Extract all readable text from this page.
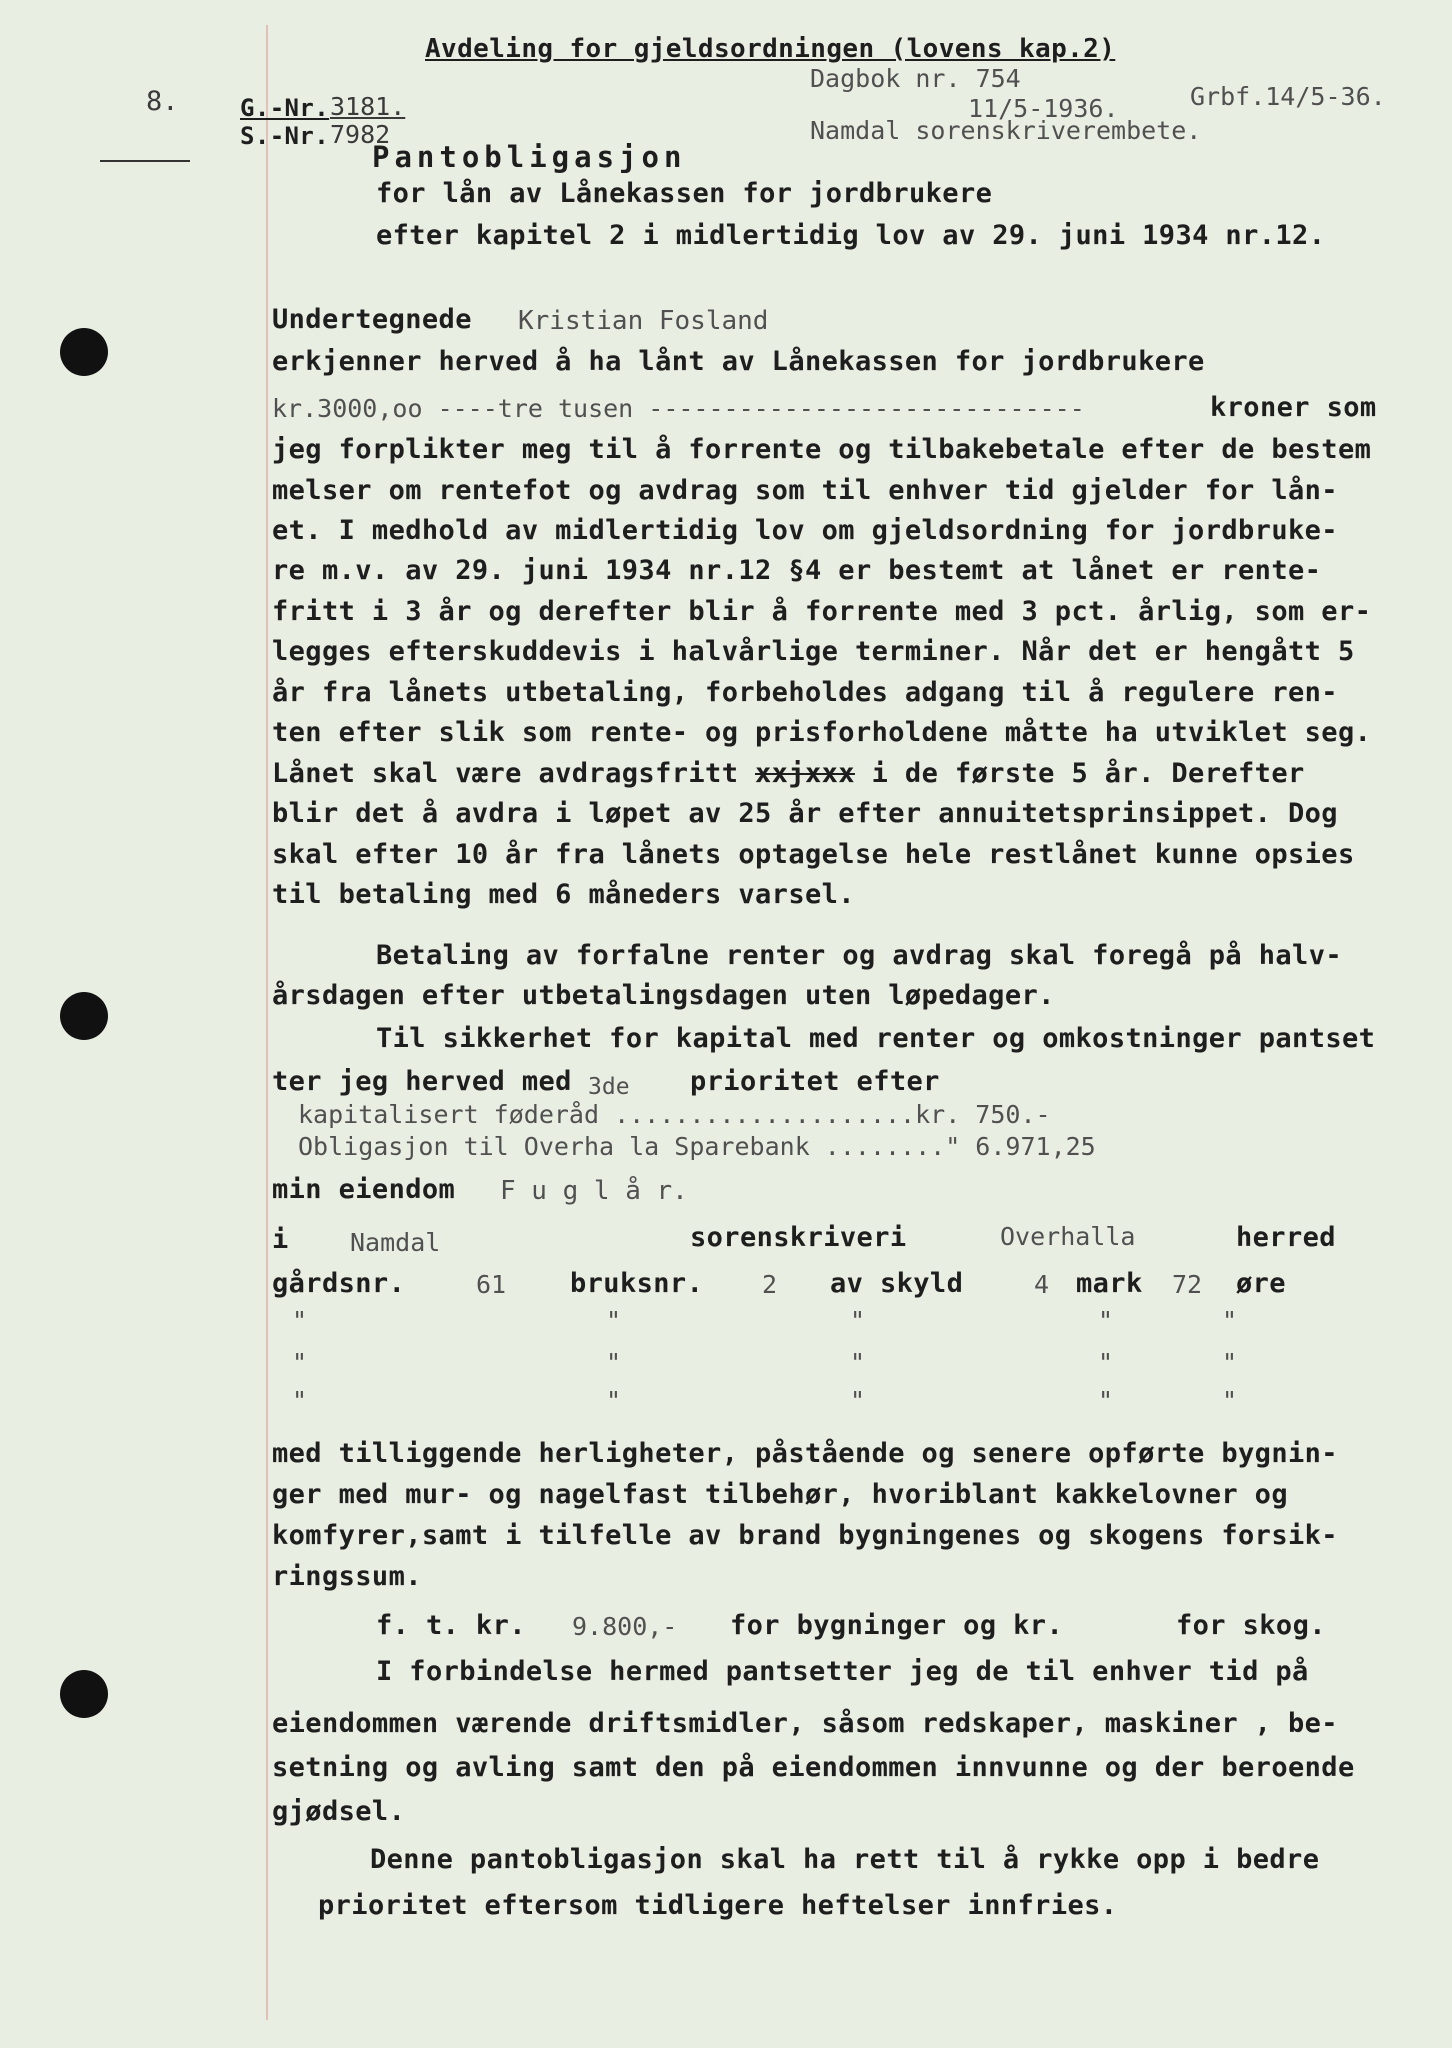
8.	G.-Nr. 3181.
S.-Nr. 7982
Avdeling for gjeldsordningen (lovens kap.2)
Dagbok nr. 754
11/5-1936.	Grbf.14/5-36.
Namdal sorenskriverembete.
Pantobligasjon
for lån av Lånekassen for jordbrukere
efter kapitel 2 i midlertidig lov av 29. juni 1934 nr.12.
Undertegnede Kristian Fosland
erkjenner herved å ha lånt av Lånekassen for jordbrukere
kr.3000,oo ----tre tusen -----------------------------	kroner som
jeg forplikter meg til å forrente og tilbakebetale efter de bestem
melser om rentefot og avdrag som til enhver tid gjelder for lån-
et. I medhold av midlertidig lov om gjeldsordning for jordbruke-
re m.v. av 29. juni 1934 nr.12 §4 er bestemt at lånet er rente-
fritt i 3 år og derefter blir å forrente med 3 pct. årlig, som er-
legges efterskuddevis i halvårlige terminer. Når det er hengått 5
år fra lånets utbetaling, forbeholdes adgang til å regulere ren-
ten efter slik som rente- og prisforholdene måtte ha utviklet seg.
Lånet skal være avdragsfritt xxjxxx i de første 5 år. Derefter
blir det å avdra i løpet av 25 år efter annuitetsprinsippet. Dog
skal efter 10 år fra lånets optagelse hele restlånet kunne opsies
til betaling med 6 måneders varsel.
Betaling av forfalne renter og avdrag skal foregå på halv-
årsdagen efter utbetalingsdagen uten løpedager.
Til sikkerhet for kapital med renter og omkostninger pantset
ter jeg herved med 3de prioritet efter
kapitalisert føderåd ....................kr. 750.-
Obligasjon til Overha la Sparebank ........" 6.971,25
min eiendom F u g l å r.
i Namdal	sorenskriveri	Overhalla	herred
gårdsnr.	61 bruksnr. 2 av skyld	4 mark 72 øre
"	"	"	"	"
"	"	"	"	"
"	"	"	"	"
med tilliggende herligheter, påstående og senere opførte bygnin-
ger med mur- og nagelfast tilbehør, hvoriblant kakkelovner og
komfyrer,samt i tilfelle av brand bygningenes og skogens forsik-
ringssum.
f. t. kr. 9.800,- for bygninger og kr.	for skog.
I forbindelse hermed pantsetter jeg de til enhver tid på
eiendommen værende driftsmidler, såsom redskaper, maskiner , be-
setning og avling samt den på eiendommen innvunne og der beroende
gjødsel.
Denne pantobligasjon skal ha rett til å rykke opp i bedre
prioritet eftersom tidligere heftelser innfries.
